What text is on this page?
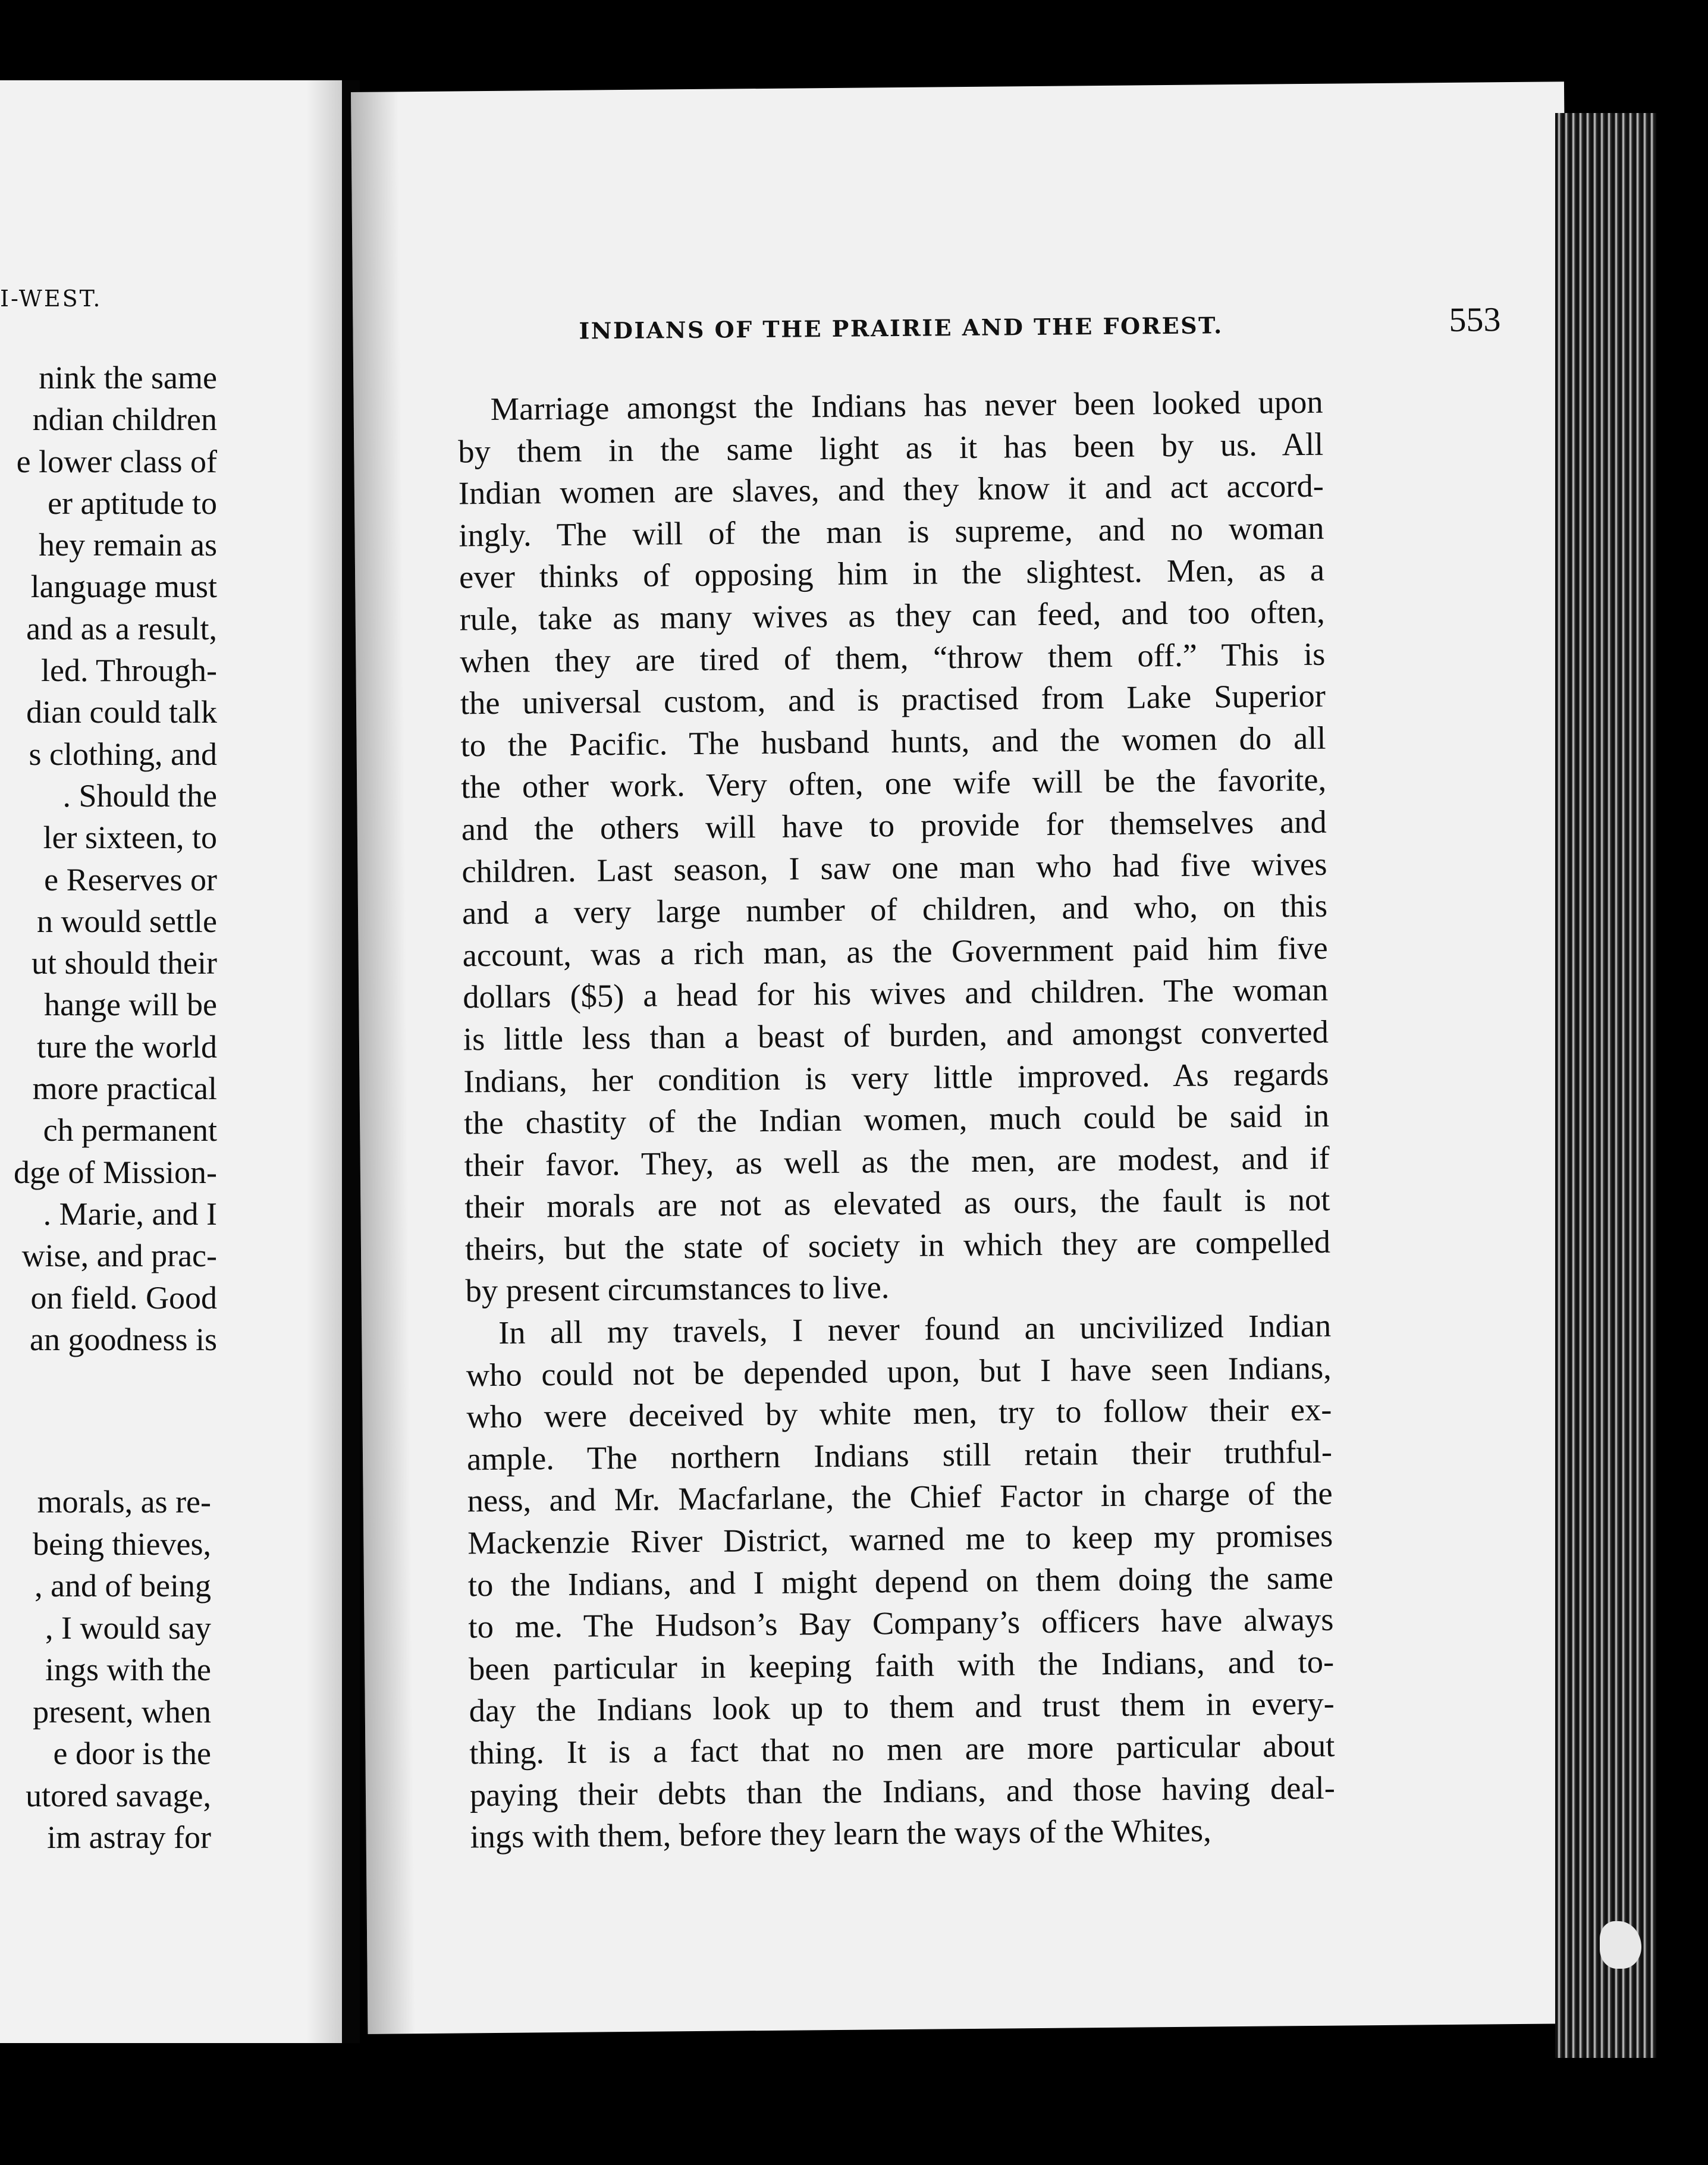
I-WEST.
nink the same
ndian children
e lower class of
er aptitude to
hey remain as
language must
and as a result,
led. Through-
dian could talk
s clothing, and
. Should the
ler sixteen, to
e Reserves or
n would settle
ut should their
hange will be
ture the world
more practical
ch permanent
dge of Mission-
. Marie, and I
wise, and prac-
on field. Good
an goodness is
morals, as re-
being thieves,
, and of being
, I would say
ings with the
present, when
e door is the
utored savage,
im astray for
INDIANS OF THE PRAIRIE AND THE FOREST.	553
Marriage amongst the Indians has never been looked upon
by them in the same light as it has been by us. All
Indian women are slaves, and they know it and act accord-
ingly. The will of the man is supreme, and no woman
ever thinks of opposing him in the slightest. Men, as a
rule, take as many wives as they can feed, and too often,
when they are tired of them, “throw them off.” This is
the universal custom, and is practised from Lake Superior
to the Pacific. The husband hunts, and the women do all
the other work. Very often, one wife will be the favorite,
and the others will have to provide for themselves and
children. Last season, I saw one man who had five wives
and a very large number of children, and who, on this
account, was a rich man, as the Government paid him five
dollars ($5) a head for his wives and children. The woman
is little less than a beast of burden, and amongst converted
Indians, her condition is very little improved. As regards
the chastity of the Indian women, much could be said in
their favor. They, as well as the men, are modest, and if
their morals are not as elevated as ours, the fault is not
theirs, but the state of society in which they are compelled
by present circumstances to live.
In all my travels, I never found an uncivilized Indian
who could not be depended upon, but I have seen Indians,
who were deceived by white men, try to follow their ex-
ample. The northern Indians still retain their truthful-
ness, and Mr. Macfarlane, the Chief Factor in charge of the
Mackenzie River District, warned me to keep my promises
to the Indians, and I might depend on them doing the same
to me. The Hudson’s Bay Company’s officers have always
been particular in keeping faith with the Indians, and to-
day the Indians look up to them and trust them in every-
thing. It is a fact that no men are more particular about
paying their debts than the Indians, and those having deal-
ings with them, before they learn the ways of the Whites,
